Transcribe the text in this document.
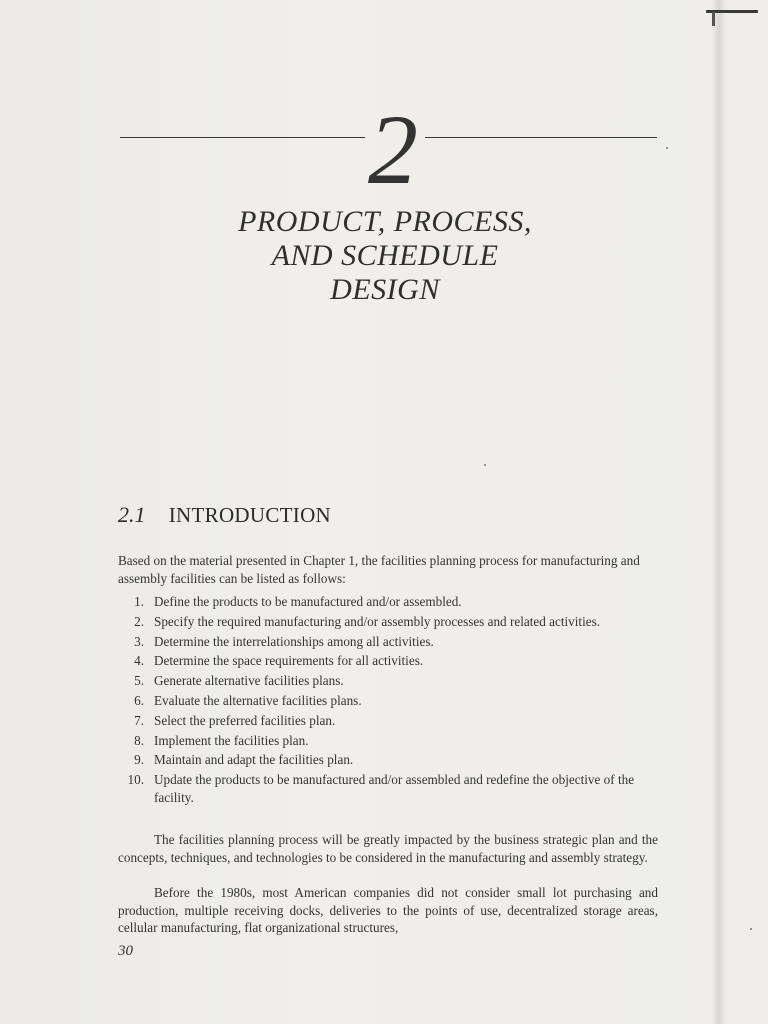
2
PRODUCT, PROCESS,
AND SCHEDULE
DESIGN
2.1 INTRODUCTION
Based on the material presented in Chapter 1, the facilities planning process for manufacturing and assembly facilities can be listed as follows:
1. Define the products to be manufactured and/or assembled.
2. Specify the required manufacturing and/or assembly processes and related activities.
3. Determine the interrelationships among all activities.
4. Determine the space requirements for all activities.
5. Generate alternative facilities plans.
6. Evaluate the alternative facilities plans.
7. Select the preferred facilities plan.
8. Implement the facilities plan.
9. Maintain and adapt the facilities plan.
10. Update the products to be manufactured and/or assembled and redefine the objective of the facility.
The facilities planning process will be greatly impacted by the business strategic plan and the concepts, techniques, and technologies to be considered in the manufacturing and assembly strategy.
Before the 1980s, most American companies did not consider small lot purchasing and production, multiple receiving docks, deliveries to the points of use, decentralized storage areas, cellular manufacturing, flat organizational structures,
30
